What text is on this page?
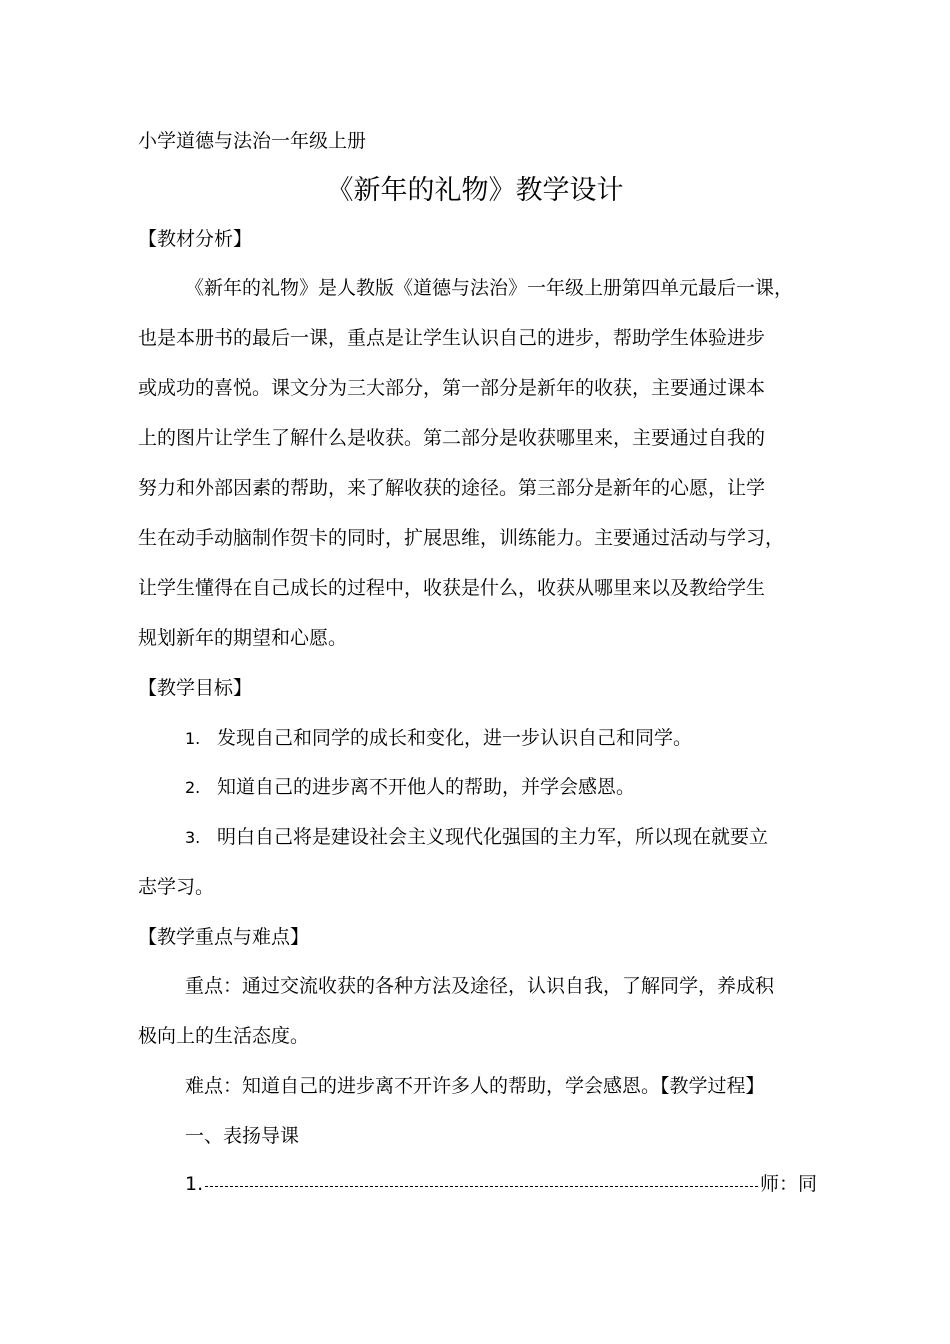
小学道德与法治一年级上册
《新年的礼物》教学设计
【教材分析】
《新年的礼物》是人教版《道德与法治》一年级上册第四单元最后一课，
也是本册书的最后一课，重点是让学生认识自己的进步，帮助学生体验进步
或成功的喜悦。课文分为三大部分，第一部分是新年的收获，主要通过课本
上的图片让学生了解什么是收获。第二部分是收获哪里来，主要通过自我的
努力和外部因素的帮助，来了解收获的途径。第三部分是新年的心愿，让学
生在动手动脑制作贺卡的同时，扩展思维，训练能力。主要通过活动与学习，
让学生懂得在自己成长的过程中，收获是什么，收获从哪里来以及教给学生
规划新年的期望和心愿。
【教学目标】
1. 发现自己和同学的成长和变化，进一步认识自己和同学。
2. 知道自己的进步离不开他人的帮助，并学会感恩。
3. 明白自己将是建设社会主义现代化强国的主力军，所以现在就要立
志学习。
【教学重点与难点】
重点：通过交流收获的各种方法及途径，认识自我，了解同学，养成积
极向上的生活态度。
难点：知道自己的进步离不开许多人的帮助，学会感恩。【教学过程】
一、表扬导课
1.	师：同
